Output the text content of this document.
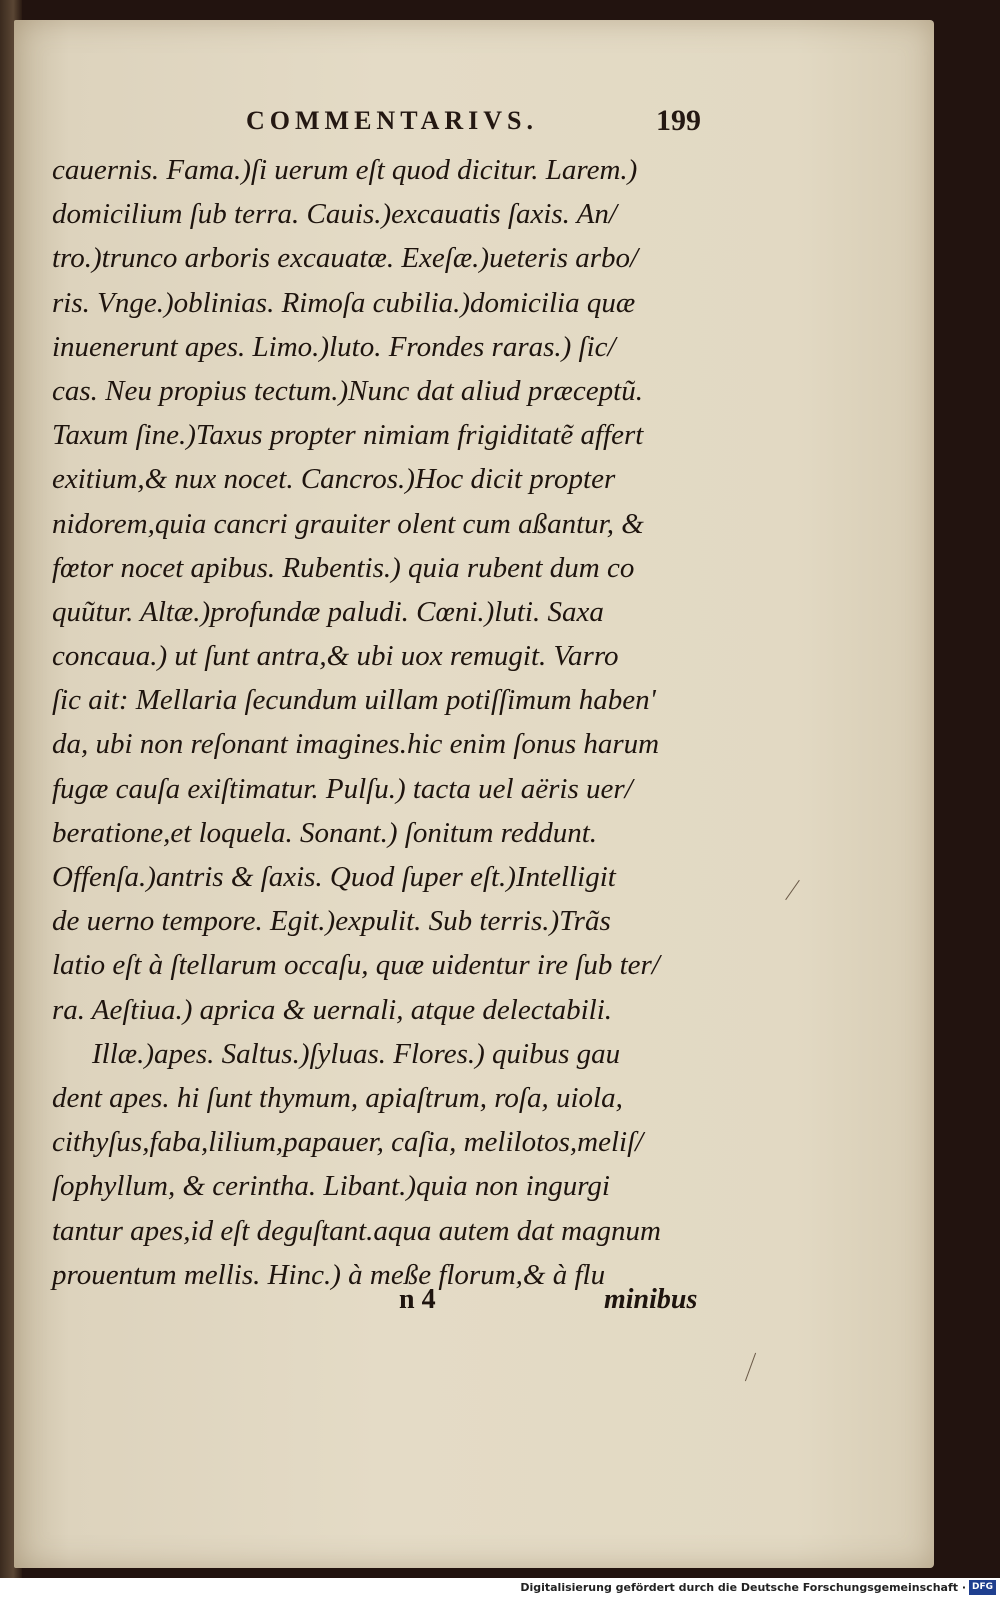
COMMENTARIVS.	199
cauernis. Fama.)ſi uerum eſt quod dicitur. Larem.)
domicilium ſub terra. Cauis.)excauatis ſaxis. An/
tro.)trunco arboris excauatæ. Exeſæ.)ueteris arbo/
ris. Vnge.)oblinias. Rimoſa cubilia.)domicilia quæ
inuenerunt apes. Limo.)luto. Frondes raras.) ſic/
cas. Neu propius tectum.)Nunc dat aliud præceptũ.
Taxum ſine.)Taxus propter nimiam frigiditatẽ affert
exitium,& nux nocet. Cancros.)Hoc dicit propter
nidorem,quia cancri grauiter olent cum aßantur, &
fœtor nocet apibus. Rubentis.) quia rubent dum co
quũtur. Altæ.)profundæ paludi. Cœni.)luti. Saxa
concaua.) ut ſunt antra,& ubi uox remugit. Varro
ſic ait: Mellaria ſecundum uillam potiſſimum haben'
da, ubi non reſonant imagines.hic enim ſonus harum
fugæ cauſa exiſtimatur. Pulſu.) tacta uel aëris uer/
beratione,et loquela. Sonant.) ſonitum reddunt.
Offenſa.)antris & ſaxis. Quod ſuper eſt.)Intelligit
de uerno tempore. Egit.)expulit. Sub terris.)Trãs
latio eſt à ſtellarum occaſu, quæ uidentur ire ſub ter/
ra. Aeſtiua.) aprica & uernali, atque delectabili.
Illæ.)apes. Saltus.)ſyluas. Flores.) quibus gau
dent apes. hi ſunt thymum, apiaſtrum, roſa, uiola,
cithyſus,faba,lilium,papauer, caſia, melilotos,meliſ/
ſophyllum, & cerintha. Libant.)quia non ingurgi
tantur apes,id eſt deguſtant.aqua autem dat magnum
prouentum mellis. Hinc.) à meße florum,& à flu
n 4	minibus
Digitalisierung gefördert durch die Deutsche Forschungsgemeinschaft · DFG
